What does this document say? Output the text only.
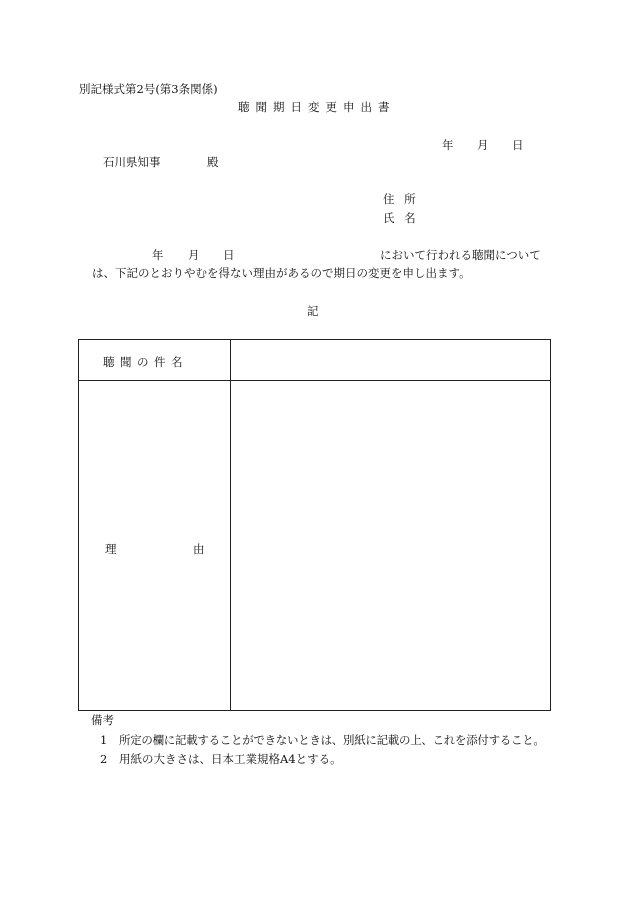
別記様式第2号(第3条関係)
聴聞期日変更申出書
年 月 日
石川県知事	殿
住 所
氏 名
年 月 日	において行われる聴聞について
は、下記のとおりやむを得ない理由があるので期日の変更を申し出ます。
記
聴聞の件名	

理 由	

備考
1 所定の欄に記載することができないときは、別紙に記載の上、これを添付すること。
2 用紙の大きさは、日本工業規格A4とする。
